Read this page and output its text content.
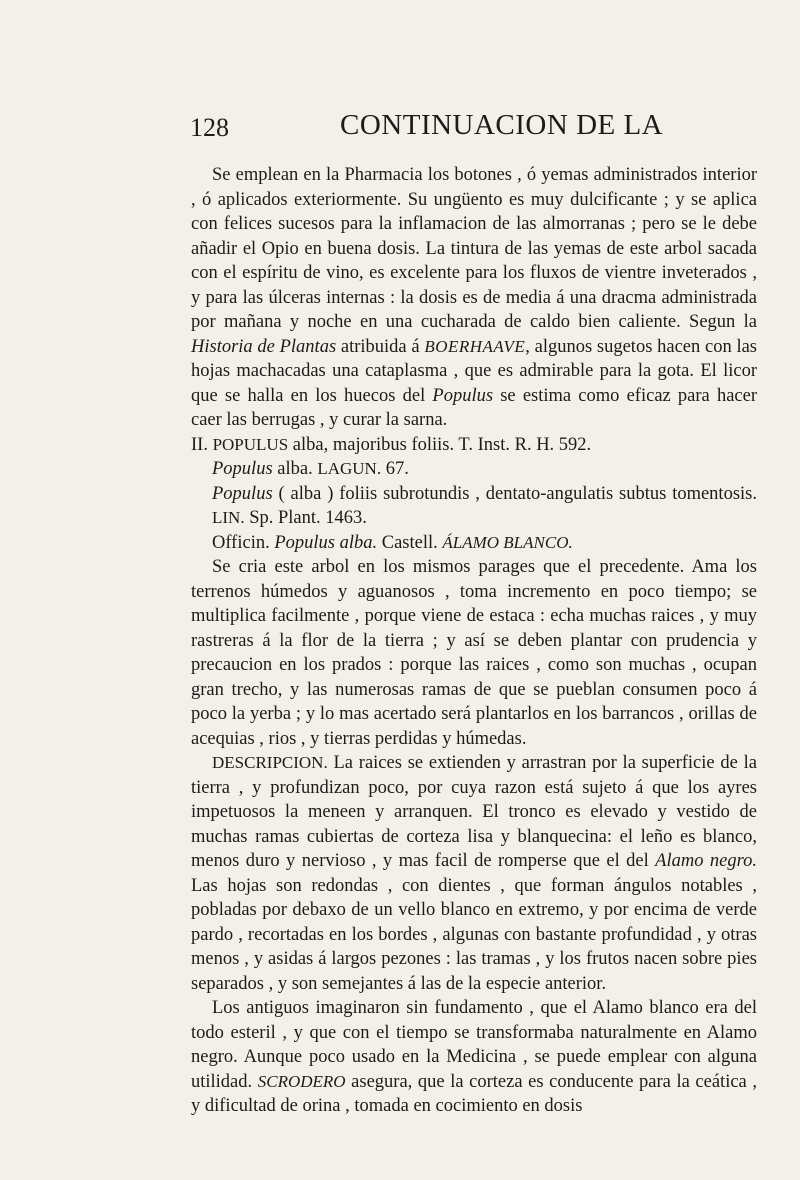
128	CONTINUACION DE LA

Se emplean en la Pharmacia los botones , ó yemas administrados interior , ó aplicados exteriormente. Su ungüento es muy dulcificante ; y se aplica con felices sucesos para la inflamacion de las almorranas ; pero se le debe añadir el Opio en buena dosis. La tintura de las yemas de este arbol sacada con el espíritu de vino, es excelente para los fluxos de vientre inveterados , y para las úlceras internas : la dosis es de media á una dracma administrada por mañana y noche en una cucharada de caldo bien caliente. Segun la Historia de Plantas atribuida á BOERHAAVE, algunos sugetos hacen con las hojas machacadas una cataplasma , que es admirable para la gota. El licor que se halla en los huecos del Populus se estima como eficaz para hacer caer las berrugas , y curar la sarna.

II. POPULUS alba, majoribus foliis. T. Inst. R. H. 592.

Populus alba. LAGUN. 67.

Populus ( alba ) foliis subrotundis , dentato-angulatis subtus tomentosis. LIN. Sp. Plant. 1463.

Officin. Populus alba. Castell. ÁLAMO BLANCO.

Se cria este arbol en los mismos parages que el precedente. Ama los terrenos húmedos y aguanosos , toma incremento en poco tiempo; se multiplica facilmente , porque viene de estaca : echa muchas raices , y muy rastreras á la flor de la tierra ; y así se deben plantar con prudencia y precaucion en los prados : porque las raices , como son muchas , ocupan gran trecho, y las numerosas ramas de que se pueblan consumen poco á poco la yerba ; y lo mas acertado será plantarlos en los barrancos , orillas de acequias , rios , y tierras perdidas y húmedas.

DESCRIPCION. La raices se extienden y arrastran por la superficie de la tierra , y profundizan poco, por cuya razon está sujeto á que los ayres impetuosos la meneen y arranquen. El tronco es elevado y vestido de muchas ramas cubiertas de corteza lisa y blanquecina: el leño es blanco, menos duro y nervioso , y mas facil de romperse que el del Alamo negro. Las hojas son redondas , con dientes , que forman ángulos notables , pobladas por debaxo de un vello blanco en extremo, y por encima de verde pardo , recortadas en los bordes , algunas con bastante profundidad , y otras menos , y asidas á largos pezones : las tramas , y los frutos nacen sobre pies separados , y son semejantes á las de la especie anterior.

Los antiguos imaginaron sin fundamento , que el Alamo blanco era del todo esteril , y que con el tiempo se transformaba naturalmente en Alamo negro. Aunque poco usado en la Medicina , se puede emplear con alguna utilidad. SCRODERO asegura, que la corteza es conducente para la ceática , y dificultad de orina , tomada en cocimiento en dosis
